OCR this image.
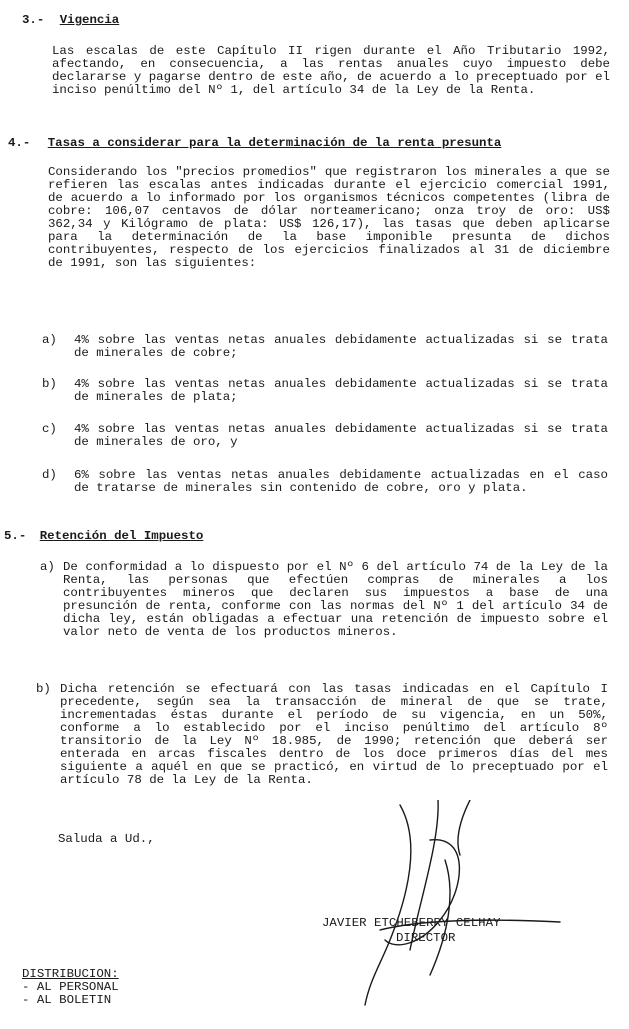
3.- Vigencia
Las escalas de este Capítulo II rigen durante el Año Tributario 1992, afectando, en consecuencia, a las rentas anuales cuyo impuesto debe declararse y pagarse dentro de este año, de acuerdo a lo preceptuado por el inciso penúltimo del Nº 1, del artículo 34 de la Ley de la Renta.
4.- Tasas a considerar para la determinación de la renta presunta
Considerando los "precios promedios" que registraron los minerales a que se refieren las escalas antes indicadas durante el ejercicio comercial 1991, de acuerdo a lo informado por los organismos técnicos competentes (libra de cobre: 106,07 centavos de dólar norteamericano; onza troy de oro: US$ 362,34 y Kilógramo de plata: US$ 126,17), las tasas que deben aplicarse para la determinación de la base imponible presunta de dichos contribuyentes, respecto de los ejercicios finalizados al 31 de diciembre de 1991, son las siguientes:
a) 4% sobre las ventas netas anuales debidamente actualizadas si se trata de minerales de cobre;
b) 4% sobre las ventas netas anuales debidamente actualizadas si se trata de minerales de plata;
c) 4% sobre las ventas netas anuales debidamente actualizadas si se trata de minerales de oro, y
d) 6% sobre las ventas netas anuales debidamente actualizadas en el caso de tratarse de minerales sin contenido de cobre, oro y plata.
5.- Retención del Impuesto
a) De conformidad a lo dispuesto por el Nº 6 del artículo 74 de la Ley de la Renta, las personas que efectúen compras de minerales a los contribuyentes mineros que declaren sus impuestos a base de una presunción de renta, conforme con las normas del Nº 1 del artículo 34 de dicha ley, están obligadas a efectuar una retención de impuesto sobre el valor neto de venta de los productos mineros.
b) Dicha retención se efectuará con las tasas indicadas en el Capítulo I precedente, según sea la transacción de mineral de que se trate, incrementadas éstas durante el período de su vigencia, en un 50%, conforme a lo establecido por el inciso penúltimo del artículo 8º transitorio de la Ley Nº 18.985, de 1990; retención que deberá ser enterada en arcas fiscales dentro de los doce primeros días del mes siguiente a aquél en que se practicó, en virtud de lo preceptuado por el artículo 78 de la Ley de la Renta.
Saluda a Ud.,
JAVIER ETCHEBERRY CELHAY
DIRECTOR
DISTRIBUCION:
- AL PERSONAL
- AL BOLETIN
